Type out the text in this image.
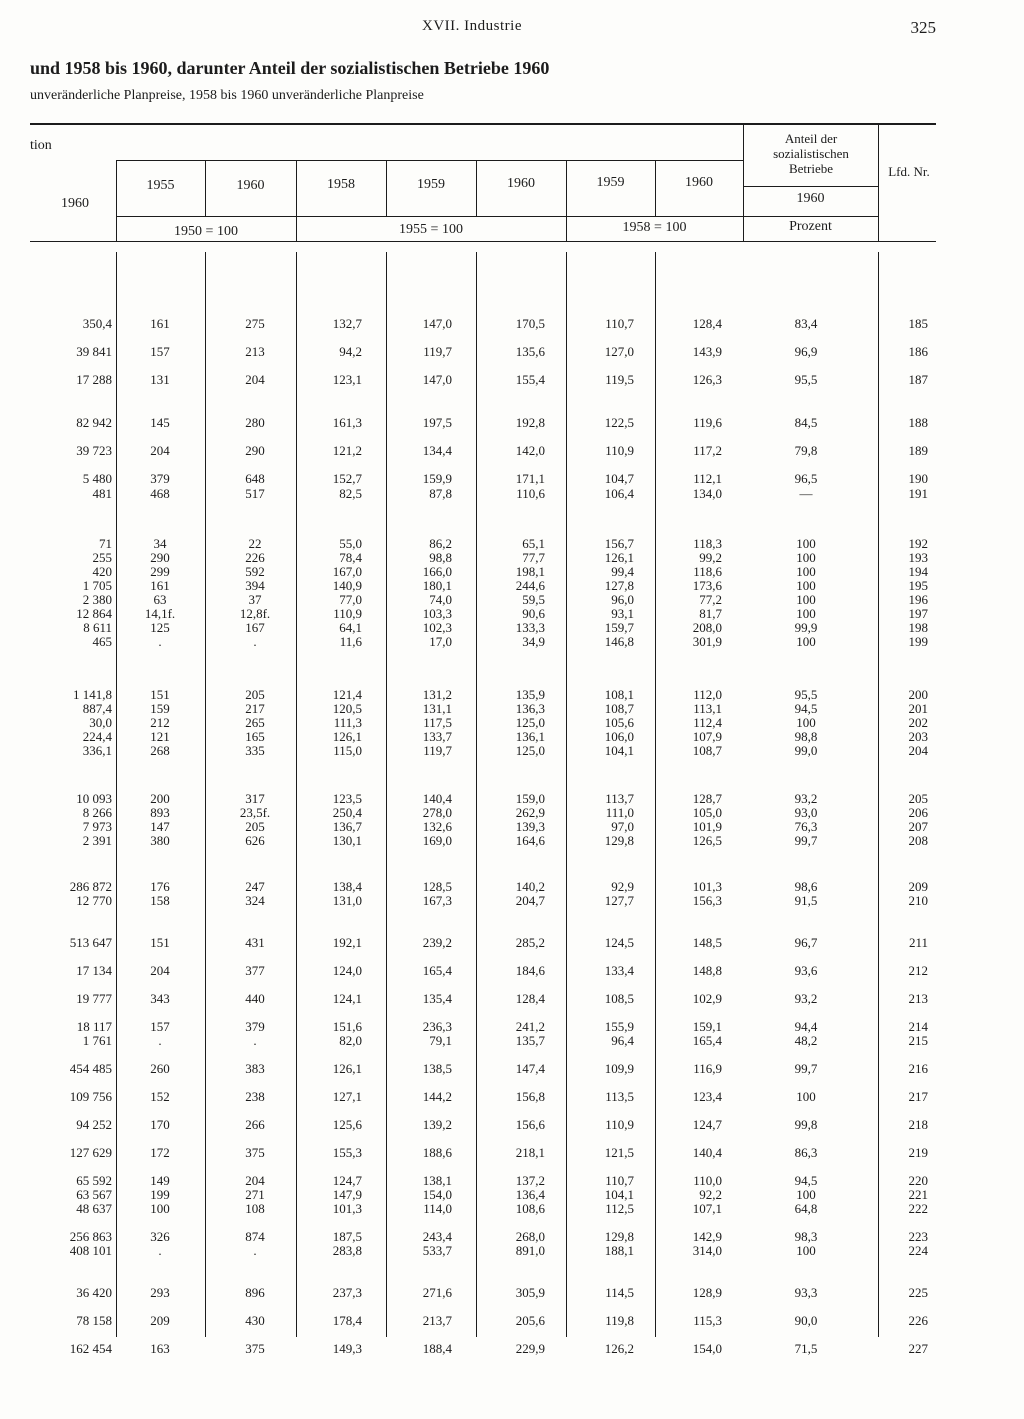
XVII. Industrie	325
und 1958 bis 1960, darunter Anteil der sozialistischen Betriebe 1960
unveränderliche Planpreise, 1958 bis 1960 unveränderliche Planpreise
tion
1960
1955	1960
1950 = 100
1958	1959	1960
1955 = 100
1959	1960
1958 = 100
Anteil der sozialistischen Betriebe
1960
Prozent
Lfd. Nr.
350,4	161	275	132,7	147,0	170,5	110,7	128,4	83,4	185
39 841	157	213	94,2	119,7	135,6	127,0	143,9	96,9	186
17 288	131	204	123,1	147,0	155,4	119,5	126,3	95,5	187
82 942	145	280	161,3	197,5	192,8	122,5	119,6	84,5	188
39 723	204	290	121,2	134,4	142,0	110,9	117,2	79,8	189
5 480	379	648	152,7	159,9	171,1	104,7	112,1	96,5	190
481	468	517	82,5	87,8	110,6	106,4	134,0	—	191
71	34	22	55,0	86,2	65,1	156,7	118,3	100	192
255	290	226	78,4	98,8	77,7	126,1	99,2	100	193
420	299	592	167,0	166,0	198,1	99,4	118,6	100	194
1 705	161	394	140,9	180,1	244,6	127,8	173,6	100	195
2 380	63	37	77,0	74,0	59,5	96,0	77,2	100	196
12 864	14,1f.	12,8f.	110,9	103,3	90,6	93,1	81,7	100	197
8 611	125	167	64,1	102,3	133,3	159,7	208,0	99,9	198
465	.	.	11,6	17,0	34,9	146,8	301,9	100	199
1 141,8	151	205	121,4	131,2	135,9	108,1	112,0	95,5	200
887,4	159	217	120,5	131,1	136,3	108,7	113,1	94,5	201
30,0	212	265	111,3	117,5	125,0	105,6	112,4	100	202
224,4	121	165	126,1	133,7	136,1	106,0	107,9	98,8	203
336,1	268	335	115,0	119,7	125,0	104,1	108,7	99,0	204
10 093	200	317	123,5	140,4	159,0	113,7	128,7	93,2	205
8 266	893	23,5f.	250,4	278,0	262,9	111,0	105,0	93,0	206
7 973	147	205	136,7	132,6	139,3	97,0	101,9	76,3	207
2 391	380	626	130,1	169,0	164,6	129,8	126,5	99,7	208
286 872	176	247	138,4	128,5	140,2	92,9	101,3	98,6	209
12 770	158	324	131,0	167,3	204,7	127,7	156,3	91,5	210
513 647	151	431	192,1	239,2	285,2	124,5	148,5	96,7	211
17 134	204	377	124,0	165,4	184,6	133,4	148,8	93,6	212
19 777	343	440	124,1	135,4	128,4	108,5	102,9	93,2	213
18 117	157	379	151,6	236,3	241,2	155,9	159,1	94,4	214
1 761	.	.	82,0	79,1	135,7	96,4	165,4	48,2	215
454 485	260	383	126,1	138,5	147,4	109,9	116,9	99,7	216
109 756	152	238	127,1	144,2	156,8	113,5	123,4	100	217
94 252	170	266	125,6	139,2	156,6	110,9	124,7	99,8	218
127 629	172	375	155,3	188,6	218,1	121,5	140,4	86,3	219
65 592	149	204	124,7	138,1	137,2	110,7	110,0	94,5	220
63 567	199	271	147,9	154,0	136,4	104,1	92,2	100	221
48 637	100	108	101,3	114,0	108,6	112,5	107,1	64,8	222
256 863	326	874	187,5	243,4	268,0	129,8	142,9	98,3	223
408 101	.	.	283,8	533,7	891,0	188,1	314,0	100	224
36 420	293	896	237,3	271,6	305,9	114,5	128,9	93,3	225
78 158	209	430	178,4	213,7	205,6	119,8	115,3	90,0	226
162 454	163	375	149,3	188,4	229,9	126,2	154,0	71,5	227
